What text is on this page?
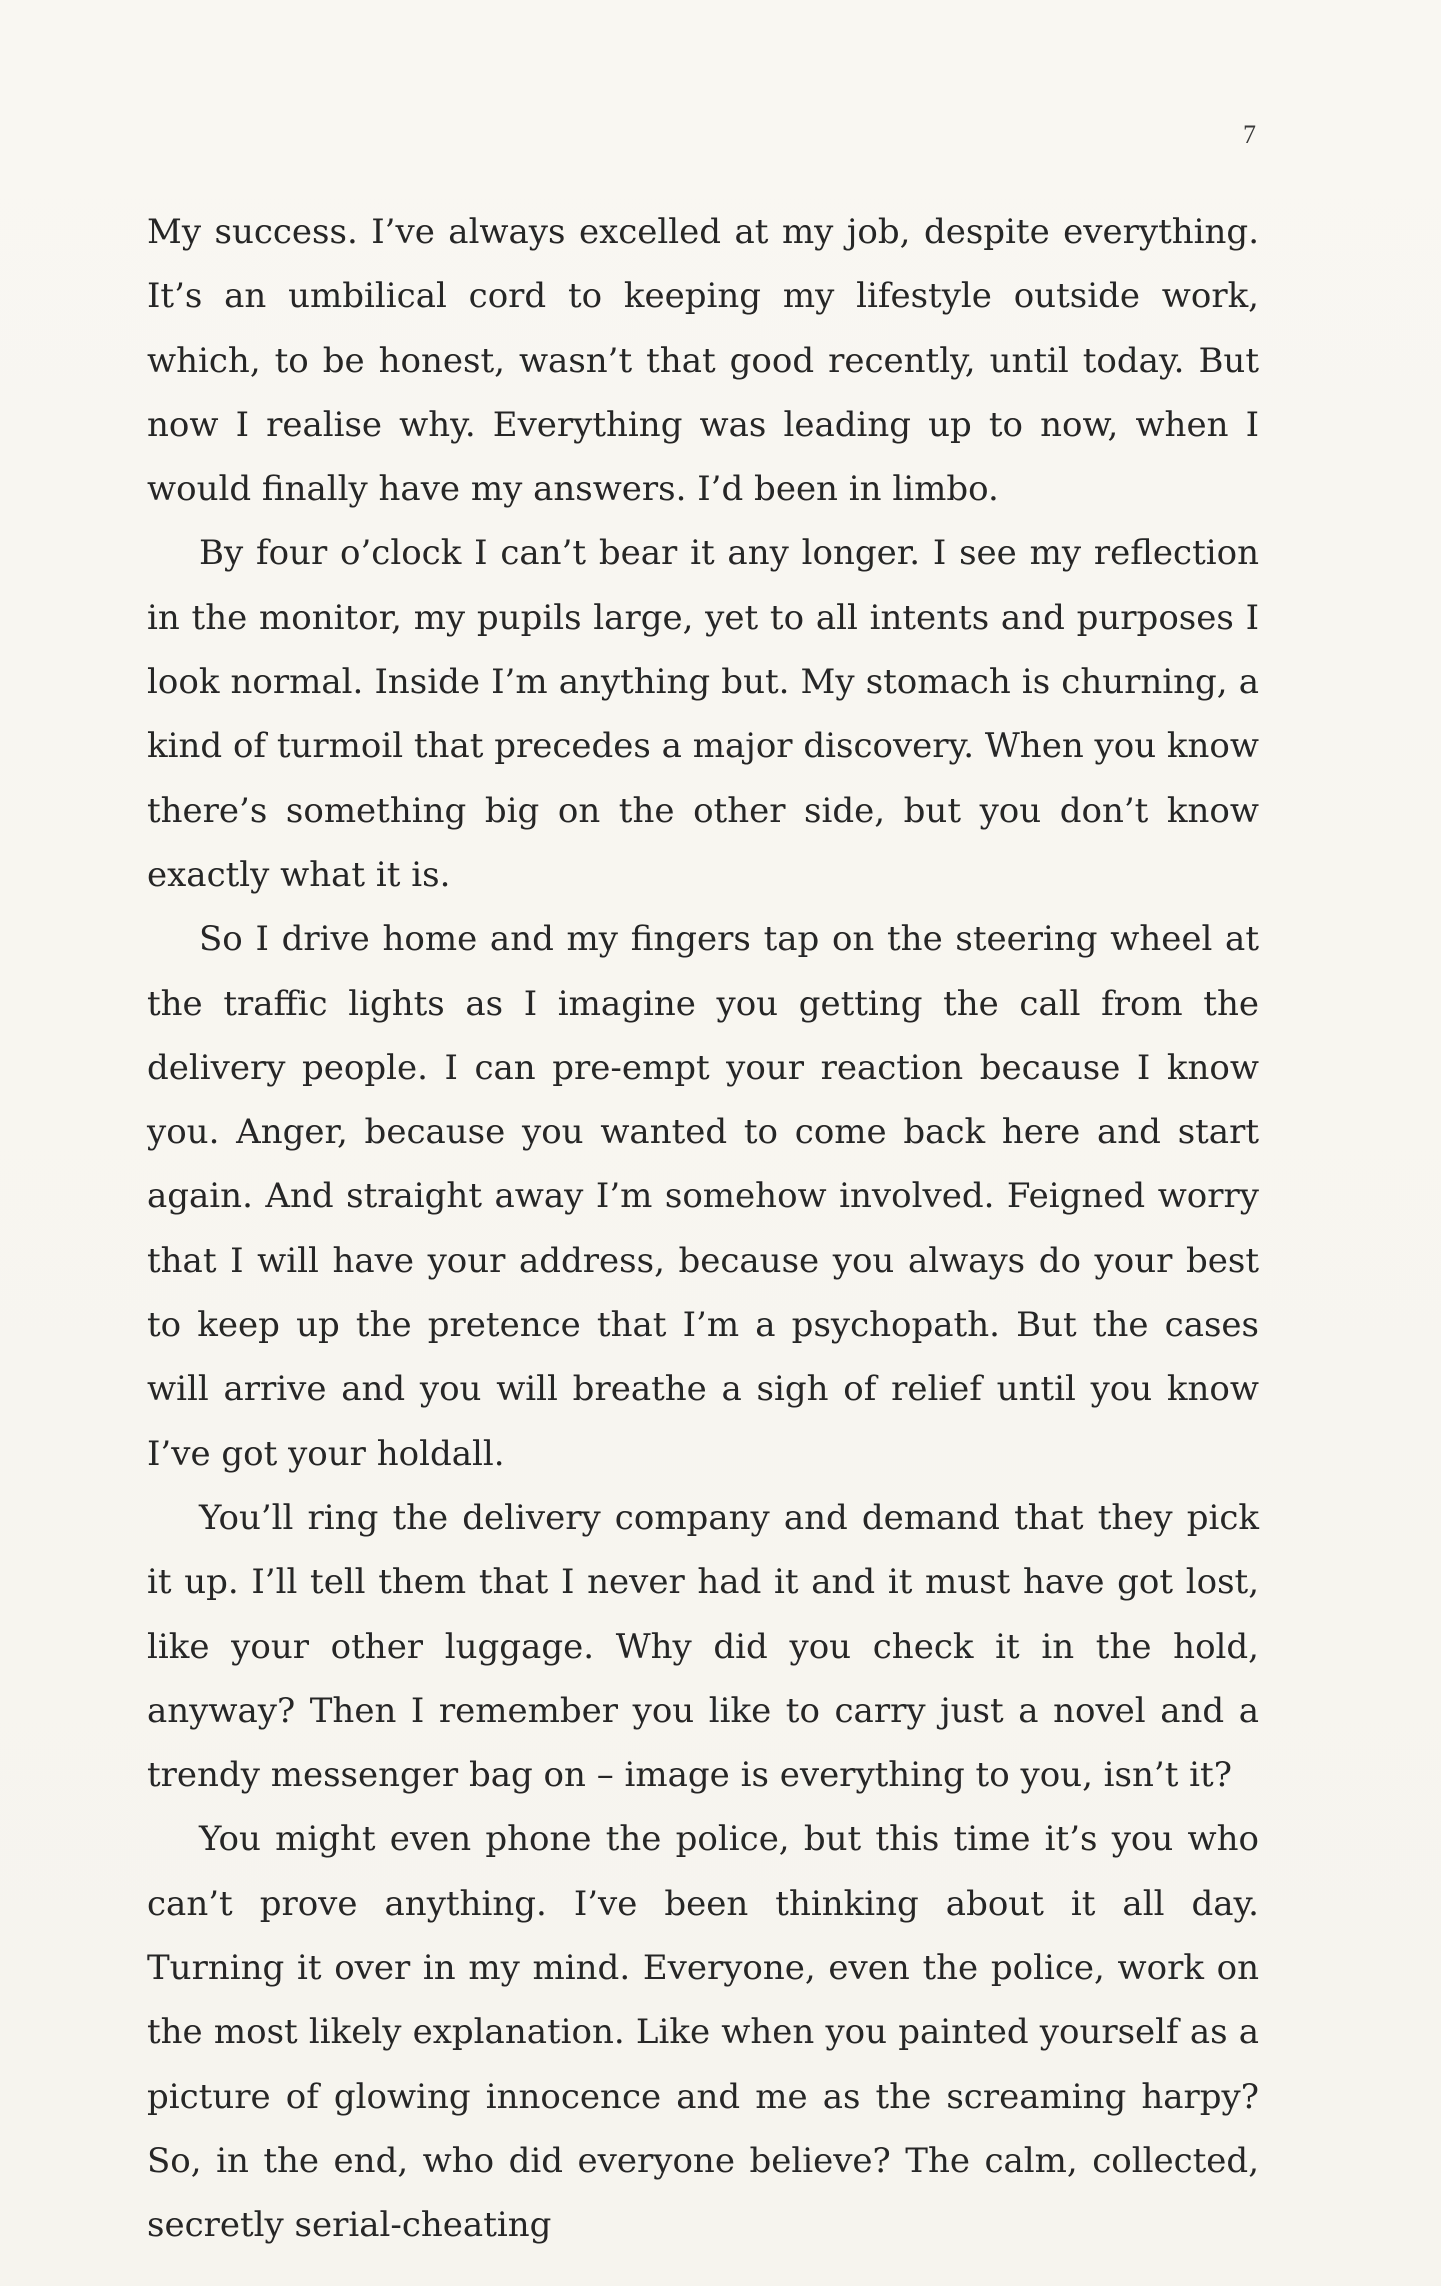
7

My success. I’ve always excelled at my job, despite everything. It’s an umbilical cord to keeping my lifestyle outside work, which, to be honest, wasn’t that good recently, until today. But now I realise why. Everything was leading up to now, when I would finally have my answers. I’d been in limbo.

By four o’clock I can’t bear it any longer. I see my reflection in the monitor, my pupils large, yet to all intents and purposes I look normal. Inside I’m anything but. My stomach is churning, a kind of turmoil that precedes a major discovery. When you know there’s something big on the other side, but you don’t know exactly what it is.

So I drive home and my fingers tap on the steering wheel at the traffic lights as I imagine you getting the call from the delivery people. I can pre-empt your reaction because I know you. Anger, because you wanted to come back here and start again. And straight away I’m somehow involved. Feigned worry that I will have your address, because you always do your best to keep up the pretence that I’m a psychopath. But the cases will arrive and you will breathe a sigh of relief until you know I’ve got your holdall.

You’ll ring the delivery company and demand that they pick it up. I’ll tell them that I never had it and it must have got lost, like your other luggage. Why did you check it in the hold, anyway? Then I remember you like to carry just a novel and a trendy messenger bag on – image is everything to you, isn’t it?

You might even phone the police, but this time it’s you who can’t prove anything. I’ve been thinking about it all day. Turning it over in my mind. Everyone, even the police, work on the most likely explanation. Like when you painted yourself as a picture of glowing innocence and me as the screaming harpy? So, in the end, who did everyone believe? The calm, collected, secretly serial-cheating
